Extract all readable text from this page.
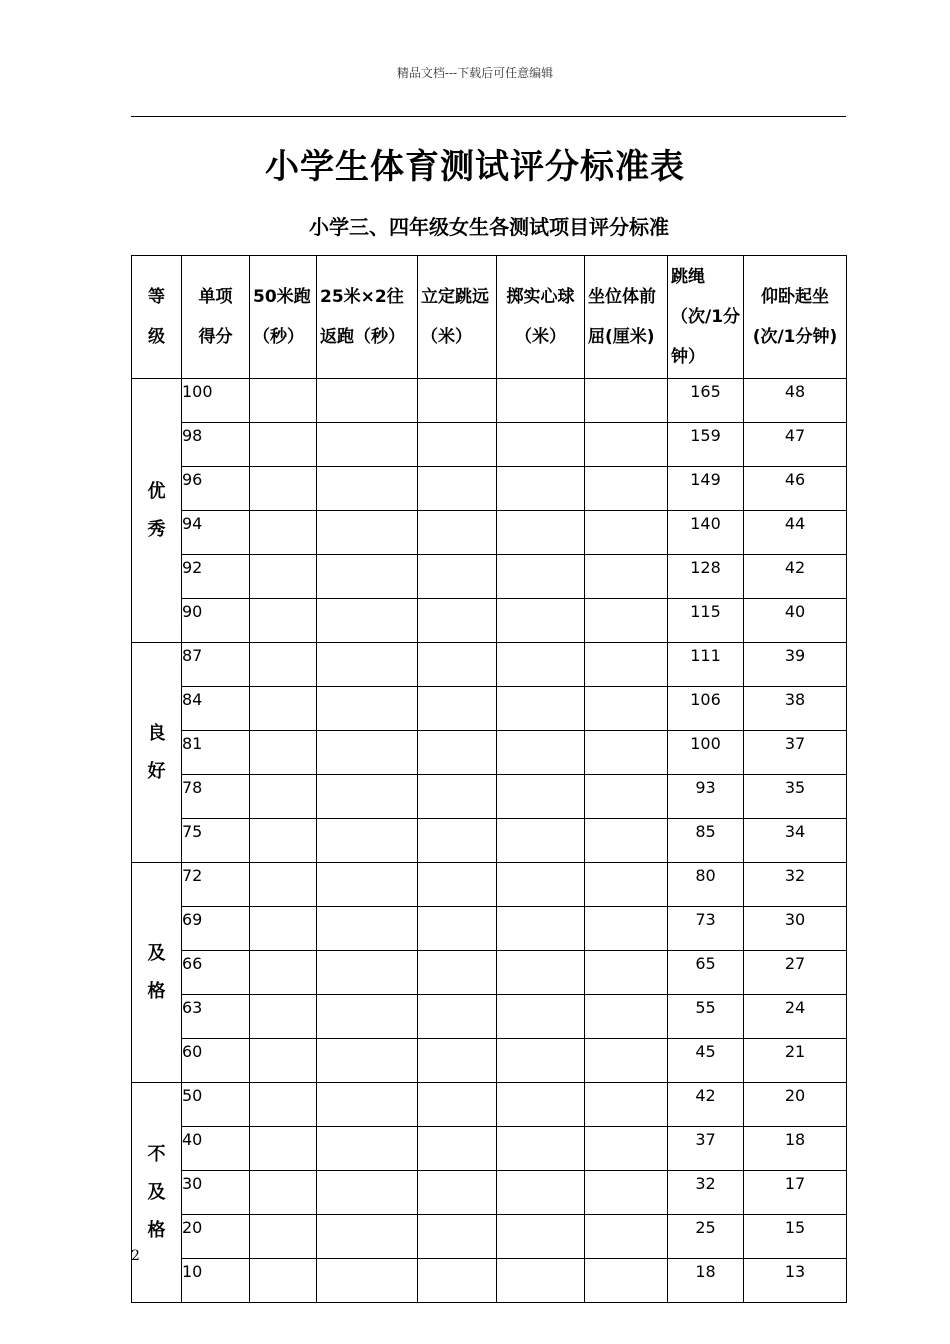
精品文档---下载后可任意编辑
小学生体育测试评分标准表
小学三、四年级女生各测试项目评分标准
等级	单项得分	50米跑（秒）	25米×2往返跑（秒）	立定跳远（米）	掷实心球（米）	坐位体前屈(厘米)	跳绳（次/1分钟）	仰卧起坐(次/1分钟)
优秀	100						165	48
	98						159	47
	96						149	46
	94						140	44
	92						128	42
	90						115	40
良好	87						111	39
	84						106	38
	81						100	37
	78						93	35
	75						85	34
及格	72						80	32
	69						73	30
	66						65	27
	63						55	24
	60						45	21
不及格	50						42	20
	40						37	18
	30						32	17
	20						25	15
	10						18	13
2
